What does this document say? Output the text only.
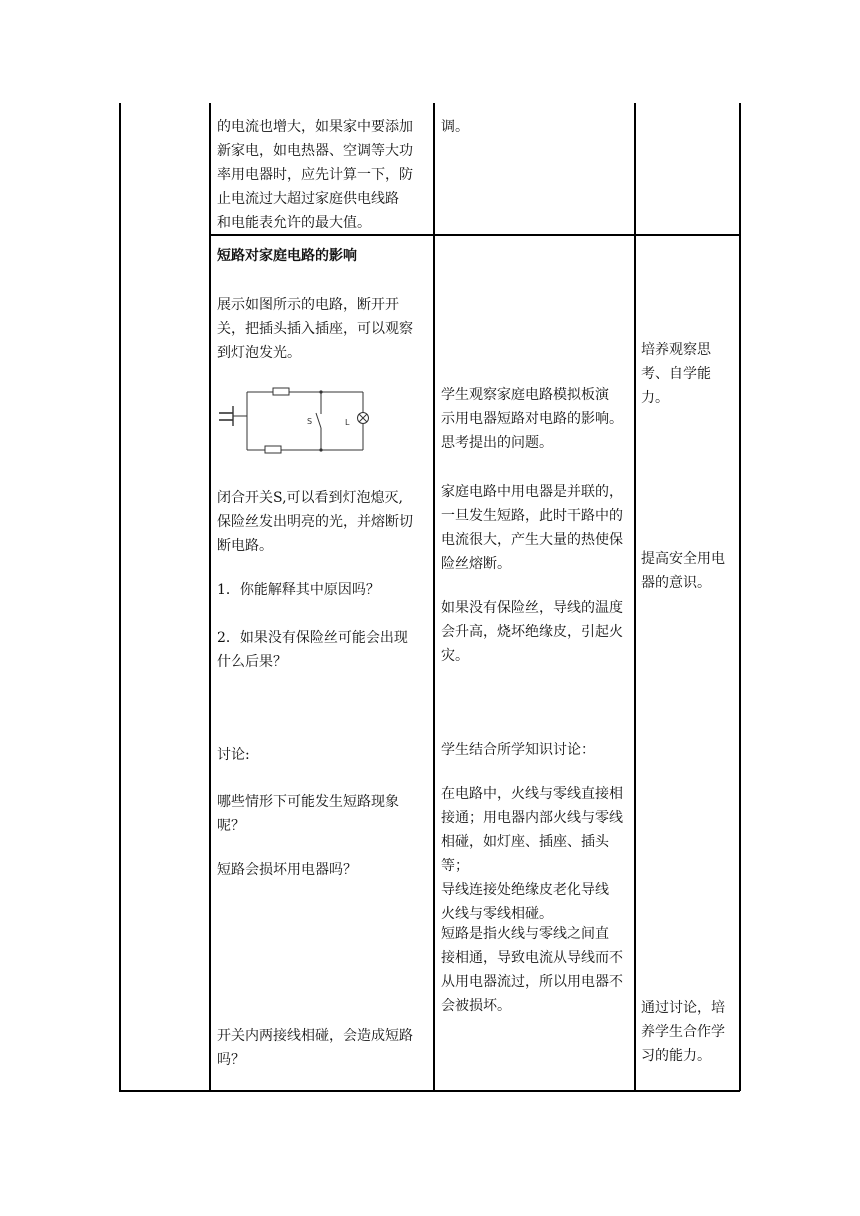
的电流也增大，如果家中要添加
新家电，如电热器、空调等大功
率用电器时，应先计算一下，防
止电流过大超过家庭供电线路
和电能表允许的最大值。

调。

短路对家庭电路的影响

展示如图所示的电路，断开开
关，把插头插入插座，可以观察
到灯泡发光。

S	L

闭合开关S,可以看到灯泡熄灭,
保险丝发出明亮的光，并熔断切
断电路。

1．你能解释其中原因吗？

2．如果没有保险丝可能会出现
什么后果？

讨论:

哪些情形下可能发生短路现象
呢？

短路会损坏用电器吗？

开关内两接线相碰，会造成短路
吗？

学生观察家庭电路模拟板演
示用电器短路对电路的影响。
思考提出的问题。

家庭电路中用电器是并联的，
一旦发生短路，此时干路中的
电流很大，产生大量的热使保
险丝熔断。

如果没有保险丝，导线的温度
会升高，烧坏绝缘皮，引起火
灾。

学生结合所学知识讨论：

在电路中，火线与零线直接相
接通；用电器内部火线与零线
相碰，如灯座、插座、插头等；
导线连接处绝缘皮老化导线
火线与零线相碰。

短路是指火线与零线之间直
接相通，导致电流从导线而不
从用电器流过，所以用电器不
会被损坏。

培养观察思
考、自学能力。

提高安全用电
器的意识。

通过讨论，培
养学生合作学
习的能力。
